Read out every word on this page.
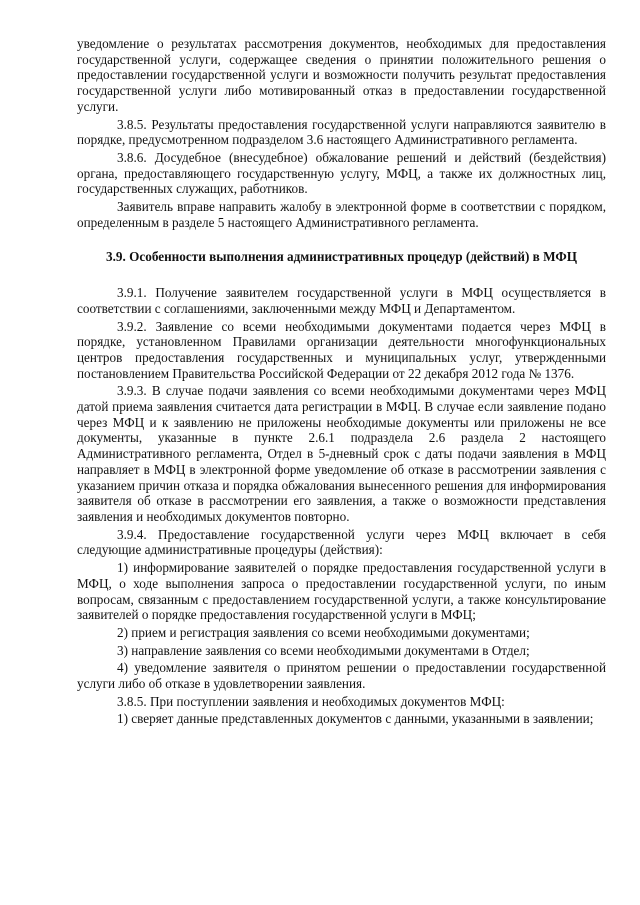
уведомление о результатах рассмотрения документов, необходимых для предоставления государственной услуги, содержащее сведения о принятии положительного решения о предоставлении государственной услуги и возможности получить результат предоставления государственной услуги либо мотивированный отказ в предоставлении государственной услуги.

3.8.5. Результаты предоставления государственной услуги направляются заявителю в порядке, предусмотренном подразделом 3.6 настоящего Административного регламента.

3.8.6. Досудебное (внесудебное) обжалование решений и действий (бездействия) органа, предоставляющего государственную услугу, МФЦ, а также их должностных лиц, государственных служащих, работников.

Заявитель вправе направить жалобу в электронной форме в соответствии с порядком, определенным в разделе 5 настоящего Административного регламента.

3.9. Особенности выполнения административных процедур (действий) в МФЦ

3.9.1. Получение заявителем государственной услуги в МФЦ осуществляется в соответствии с соглашениями, заключенными между МФЦ и Департаментом.

3.9.2. Заявление со всеми необходимыми документами подается через МФЦ в порядке, установленном Правилами организации деятельности многофункциональных центров предоставления государственных и муниципальных услуг, утвержденными постановлением Правительства Российской Федерации от 22 декабря 2012 года № 1376.

3.9.3. В случае подачи заявления со всеми необходимыми документами через МФЦ датой приема заявления считается дата регистрации в МФЦ. В случае если заявление подано через МФЦ и к заявлению не приложены необходимые документы или приложены не все документы, указанные в пункте 2.6.1 подраздела 2.6 раздела 2 настоящего Административного регламента, Отдел в 5-дневный срок с даты подачи заявления в МФЦ направляет в МФЦ в электронной форме уведомление об отказе в рассмотрении заявления с указанием причин отказа и порядка обжалования вынесенного решения для информирования заявителя об отказе в рассмотрении его заявления, а также о возможности представления заявления и необходимых документов повторно.

3.9.4. Предоставление государственной услуги через МФЦ включает в себя следующие административные процедуры (действия):

1) информирование заявителей о порядке предоставления государственной услуги в МФЦ, о ходе выполнения запроса о предоставлении государственной услуги, по иным вопросам, связанным с предоставлением государственной услуги, а также консультирование заявителей о порядке предоставления государственной услуги в МФЦ;

2) прием и регистрация заявления со всеми необходимыми документами;

3) направление заявления со всеми необходимыми документами в Отдел;

4) уведомление заявителя о принятом решении о предоставлении государственной услуги либо об отказе в удовлетворении заявления.

3.8.5. При поступлении заявления и необходимых документов МФЦ:

1) сверяет данные представленных документов с данными, указанными в заявлении;
